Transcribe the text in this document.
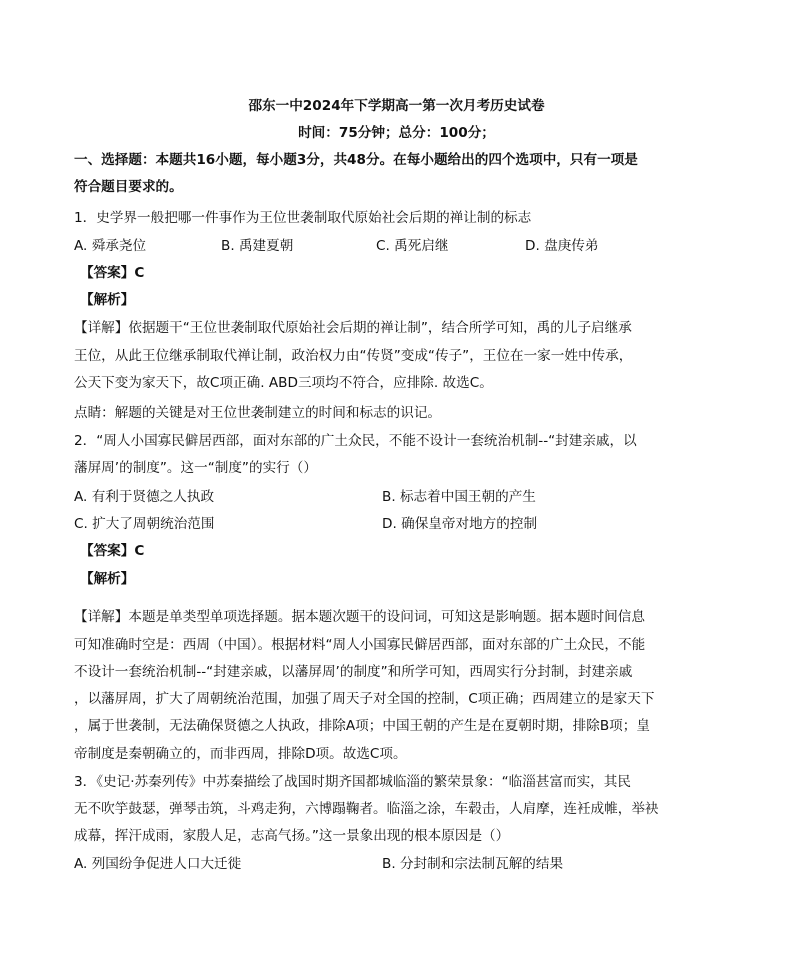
邵东一中2024年下学期高一第一次月考历史试卷
时间：75分钟；总分：100分；
一、选择题：本题共16小题，每小题3分，共48分。在每小题给出的四个选项中，只有一项是
符合题目要求的。
1．史学界一般把哪一件事作为王位世袭制取代原始社会后期的禅让制的标志
A. 舜承尧位	B. 禹建夏朝	C. 禹死启继	D. 盘庚传弟
【答案】C
【解析】
【详解】依据题干“王位世袭制取代原始社会后期的禅让制”，结合所学可知，禹的儿子启继承
王位，从此王位继承制取代禅让制，政治权力由“传贤”变成“传子”，王位在一家一姓中传承，
公天下变为家天下，故C项正确. ABD三项均不符合，应排除. 故选C。
点睛：解题的关键是对王位世袭制建立的时间和标志的识记。
2．“周人小国寡民僻居西部，面对东部的广土众民，不能不设计一套统治机制--“封建亲戚，以
藩屏周’的制度”。这一“制度”的实行（）
A. 有利于贤德之人执政	B. 标志着中国王朝的产生
C. 扩大了周朝统治范围	D. 确保皇帝对地方的控制
【答案】C
【解析】
【详解】本题是单类型单项选择题。据本题次题干的设问词，可知这是影响题。据本题时间信息
可知准确时空是：西周（中国）。根据材料“周人小国寡民僻居西部，面对东部的广土众民，不能
不设计一套统治机制--“封建亲戚，以藩屏周’的制度”和所学可知，西周实行分封制，封建亲戚
，以藩屏周，扩大了周朝统治范围，加强了周天子对全国的控制，C项正确；西周建立的是家天下
，属于世袭制，无法确保贤德之人执政，排除A项；中国王朝的产生是在夏朝时期，排除B项；皇
帝制度是秦朝确立的，而非西周，排除D项。故选C项。
3．《史记·苏秦列传》中苏秦描绘了战国时期齐国都城临淄的繁荣景象：“临淄甚富而实，其民
无不吹竽鼓瑟，弹琴击筑，斗鸡走狗，六博蹋鞠者。临淄之涂，车毂击，人肩摩，连衽成帷，举袂
成幕，挥汗成雨，家殷人足，志高气扬。”这一景象出现的根本原因是（）
A. 列国纷争促进人口大迁徙	B. 分封制和宗法制瓦解的结果
